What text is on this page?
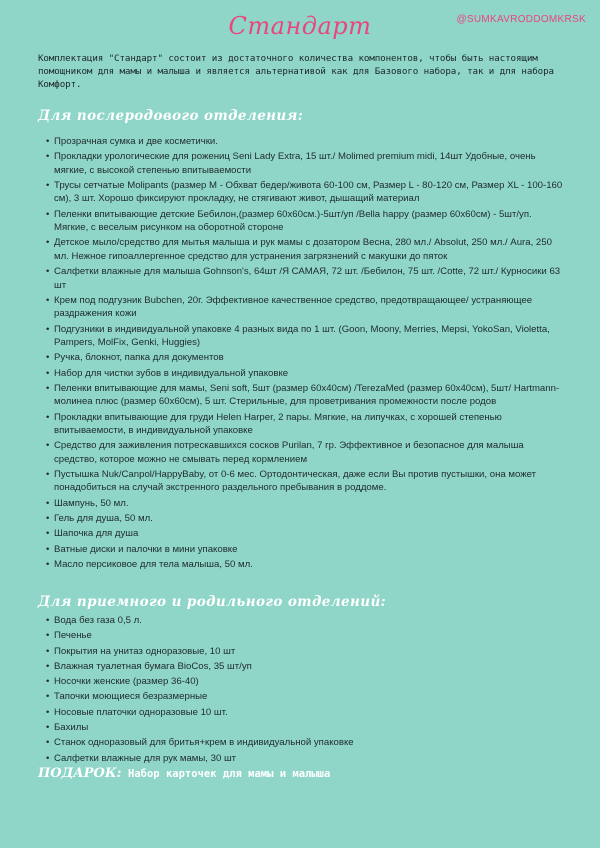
Стандарт	@SUMKAVRODDOMKRSK
Комплектация "Стандарт" состоит из достаточного количества компонентов, чтобы быть настоящим помощником для мамы и малыша и является альтернативой как для Базового набора, так и для набора Комфорт.
Для послеродового отделения:
• Прозрачная сумка и две косметички.
• Прокладки урологические для рожениц Seni Lady Extra, 15 шт./ Molimed premium midi, 14шт Удобные, очень мягкие, с высокой степенью впитываемости
• Трусы сетчатые Molipants (размер M - Обхват бедер/живота 60-100 см, Размер L - 80-120 см, Размер XL - 100-160 см), 3 шт. Хорошо фиксируют прокладку, не стягивают живот, дышащий материал
• Пеленки впитывающие детские Бебилон,(размер 60х60см.)-5шт/уп /Bella happy (размер 60х60см) - 5шт/уп. Мягкие, с веселым рисунком на оборотной стороне
• Детское мыло/средство для мытья малыша и рук мамы с дозатором Весна, 280 мл./ Absolut, 250 мл./ Aura, 250 мл. Нежное гипоаллергенное средство для устранения загрязнений с макушки до пяток
• Салфетки влажные для малыша Gohnson's, 64шт /Я САМАЯ, 72 шт. /Бебилон, 75 шт. /Cotte, 72 шт./ Курносики 63 шт
• Крем под подгузник Bubchen, 20г. Эффективное качественное средство, предотвращающее/ устраняющее раздражения кожи
• Подгузники в индивидуальной упаковке 4 разных вида по 1 шт. (Goon, Moony, Merries, Mepsi, YokoSan, Violetta, Pampers, MolFix, Genki, Huggies)
• Ручка, блокнот, папка для документов
• Набор для чистки зубов в индивидуальной упаковке
• Пеленки впитывающие для мамы, Seni soft, 5шт (размер 60х40см) /TerezaMed (размер 60х40см), 5шт/ Hartmann-молинеа плюс (размер 60х60см), 5 шт. Стерильные, для проветривания промежности после родов
• Прокладки впитывающие для груди Helen Harper, 2 пары. Мягкие, на липучках, с хорошей степенью впитываемости, в индивидуальной упаковке
• Средство для заживления потрескавшихся сосков Purilan, 7 гр. Эффективное и безопасное для малыша средство, которое можно не смывать перед кормлением
• Пустышка Nuk/Canpol/HappyBaby, от 0-6 мес. Ортодонтическая, даже если Вы против пустышки, она может понадобиться на случай экстренного раздельного пребывания в роддоме.
• Шампунь, 50 мл.
• Гель для душа, 50 мл.
• Шапочка для душа
• Ватные диски и палочки в мини упаковке
• Масло персиковое для тела малыша, 50 мл.
Для приемного и родильного отделений:
• Вода без газа 0,5 л.
• Печенье
• Покрытия на унитаз одноразовые, 10 шт
• Влажная туалетная бумага BioCos, 35 шт/уп
• Носочки женские (размер 36-40)
• Тапочки моющиеся безразмерные
• Носовые платочки одноразовые 10 шт.
• Бахилы
• Станок одноразовый для бритья+крем в индивидуальной упаковке
• Салфетки влажные для рук мамы, 30 шт
ПОДАРОК: Набор карточек для мамы и малыша
